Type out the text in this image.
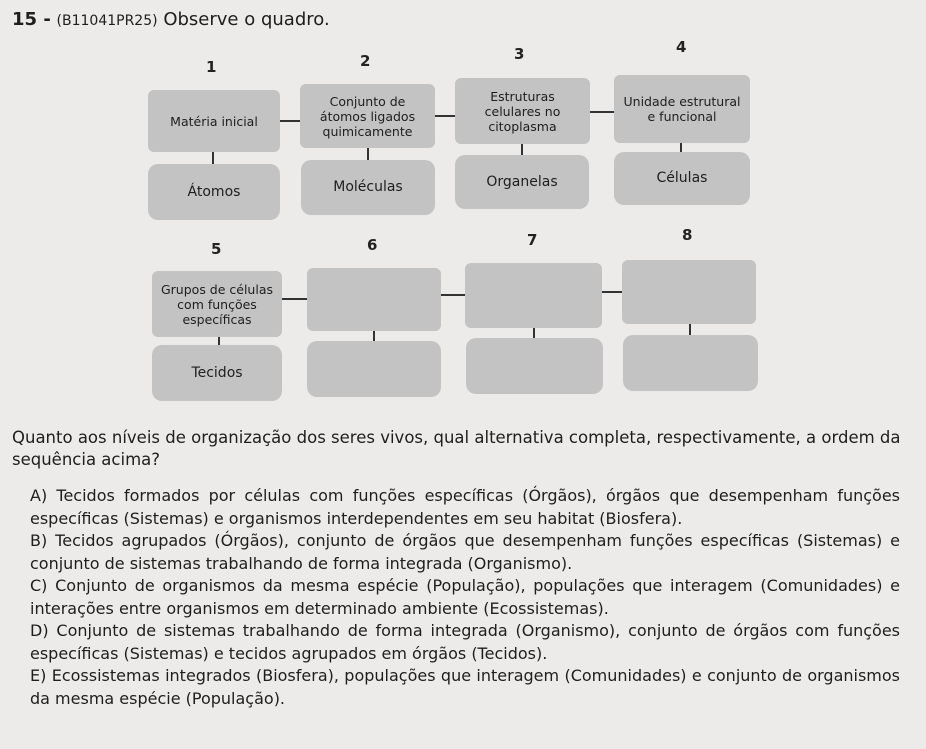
15 - (B11041PR25) Observe o quadro.
1	2	3	4
Matéria inicial
Conjunto de
átomos ligados
quimicamente
Estruturas
celulares no
citoplasma
Unidade estrutural
e funcional
Átomos	Moléculas	Organelas	Células
5	6	7	8
Grupos de células
com funções
específicas
Tecidos
Quanto aos níveis de organização dos seres vivos, qual alternativa completa, respectivamente, a ordem da sequência acima?

A) Tecidos formados por células com funções específicas (Órgãos), órgãos que desempenham funções específicas (Sistemas) e organismos interdependentes em seu habitat (Biosfera).

B) Tecidos agrupados (Órgãos), conjunto de órgãos que desempenham funções específicas (Sistemas) e conjunto de sistemas trabalhando de forma integrada (Organismo).

C) Conjunto de organismos da mesma espécie (População), populações que interagem (Comunidades) e interações entre organismos em determinado ambiente (Ecossistemas).

D) Conjunto de sistemas trabalhando de forma integrada (Organismo), conjunto de órgãos com funções específicas (Sistemas) e tecidos agrupados em órgãos (Tecidos).

E) Ecossistemas integrados (Biosfera), populações que interagem (Comunidades) e conjunto de organismos da mesma espécie (População).
